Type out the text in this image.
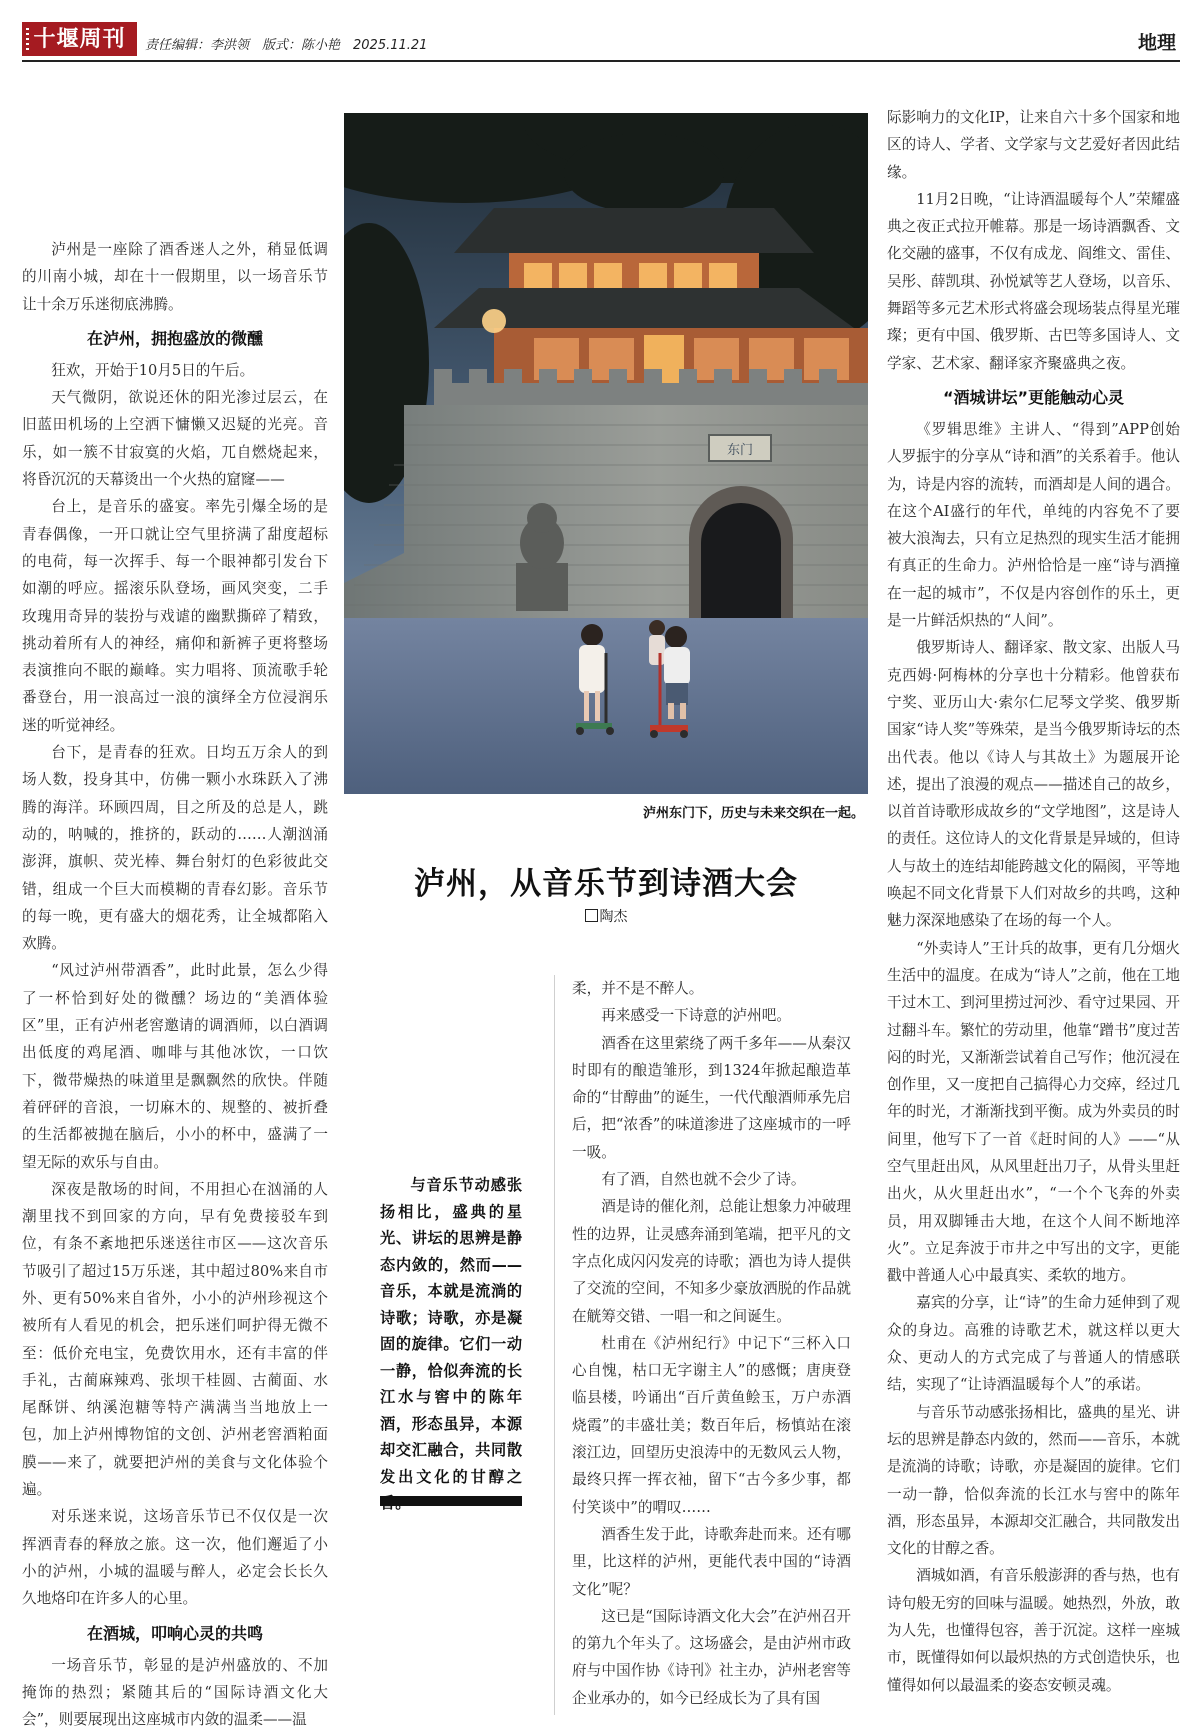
十堰周刊	责任编辑：李洪领　版式：陈小艳　2025.11.21	地理

泸州是一座除了酒香迷人之外，稍显低调的川南小城，却在十一假期里，以一场音乐节让十余万乐迷彻底沸腾。

在泸州，拥抱盛放的微醺

狂欢，开始于10月5日的午后。

天气微阴，欲说还休的阳光渗过层云，在旧蓝田机场的上空洒下慵懒又迟疑的光亮。音乐，如一簇不甘寂寞的火焰，兀自燃烧起来，将昏沉沉的天幕烫出一个火热的窟窿——

台上，是音乐的盛宴。率先引爆全场的是青春偶像，一开口就让空气里挤满了甜度超标的电荷，每一次挥手、每一个眼神都引发台下如潮的呼应。摇滚乐队登场，画风突变，二手玫瑰用奇异的装扮与戏谑的幽默撕碎了精致，挑动着所有人的神经，痛仰和新裤子更将整场表演推向不眠的巅峰。实力唱将、顶流歌手轮番登台，用一浪高过一浪的演绎全方位浸润乐迷的听觉神经。

台下，是青春的狂欢。日均五万余人的到场人数，投身其中，仿佛一颗小水珠跃入了沸腾的海洋。环顾四周，目之所及的总是人，跳动的，呐喊的，推挤的，跃动的……人潮汹涌澎湃，旗帜、荧光棒、舞台射灯的色彩彼此交错，组成一个巨大而模糊的青春幻影。音乐节的每一晚，更有盛大的烟花秀，让全城都陷入欢腾。

“风过泸州带酒香”，此时此景，怎么少得了一杯恰到好处的微醺？场边的“美酒体验区”里，正有泸州老窖邀请的调酒师，以白酒调出低度的鸡尾酒、咖啡与其他冰饮，一口饮下，微带燥热的味道里是飘飘然的欣快。伴随着砰砰的音浪，一切麻木的、规整的、被折叠的生活都被抛在脑后，小小的杯中，盛满了一望无际的欢乐与自由。

深夜是散场的时间，不用担心在汹涌的人潮里找不到回家的方向，早有免费接驳车到位，有条不紊地把乐迷送往市区——这次音乐节吸引了超过15万乐迷，其中超过80%来自市外、更有50%来自省外，小小的泸州珍视这个被所有人看见的机会，把乐迷们呵护得无微不至：低价充电宝，免费饮用水，还有丰富的伴手礼，古蔺麻辣鸡、张坝干桂圆、古蔺面、水尾酥饼、纳溪泡糖等特产满满当当地放上一包，加上泸州博物馆的文创、泸州老窖酒粕面膜——来了，就要把泸州的美食与文化体验个遍。

对乐迷来说，这场音乐节已不仅仅是一次挥洒青春的释放之旅。这一次，他们邂逅了小小的泸州，小城的温暖与醉人，必定会长长久久地烙印在许多人的心里。

在酒城，叩响心灵的共鸣

一场音乐节，彰显的是泸州盛放的、不加掩饰的热烈；紧随其后的“国际诗酒文化大会”，则要展现出这座城市内敛的温柔——温

际影响力的文化IP，让来自六十多个国家和地区的诗人、学者、文学家与文艺爱好者因此结缘。

11月2日晚，“让诗酒温暖每个人”荣耀盛典之夜正式拉开帷幕。那是一场诗酒飘香、文化交融的盛事，不仅有成龙、阎维文、雷佳、吴彤、薛凯琪、孙悦斌等艺人登场，以音乐、舞蹈等多元艺术形式将盛会现场装点得星光璀璨；更有中国、俄罗斯、古巴等多国诗人、文学家、艺术家、翻译家齐聚盛典之夜。

“酒城讲坛”更能触动心灵

《罗辑思维》主讲人、“得到”APP创始人罗振宇的分享从“诗和酒”的关系着手。他认为，诗是内容的流转，而酒却是人间的遇合。在这个AI盛行的年代，单纯的内容免不了要被大浪淘去，只有立足热烈的现实生活才能拥有真正的生命力。泸州恰恰是一座“诗与酒撞在一起的城市”，不仅是内容创作的乐土，更是一片鲜活炽热的“人间”。

俄罗斯诗人、翻译家、散文家、出版人马克西姆·阿梅林的分享也十分精彩。他曾获布宁奖、亚历山大·索尔仁尼琴文学奖、俄罗斯国家“诗人奖”等殊荣，是当今俄罗斯诗坛的杰出代表。他以《诗人与其故土》为题展开论述，提出了浪漫的观点——描述自己的故乡，以首首诗歌形成故乡的“文学地图”，这是诗人的责任。这位诗人的文化背景是异域的，但诗人与故土的连结却能跨越文化的隔阂，平等地唤起不同文化背景下人们对故乡的共鸣，这种魅力深深地感染了在场的每一个人。

“外卖诗人”王计兵的故事，更有几分烟火生活中的温度。在成为“诗人”之前，他在工地干过木工、到河里捞过河沙、看守过果园、开过翻斗车。繁忙的劳动里，他靠“蹭书”度过苦闷的时光，又渐渐尝试着自己写作；他沉浸在创作里，又一度把自己搞得心力交瘁，经过几年的时光，才渐渐找到平衡。成为外卖员的时间里，他写下了一首《赶时间的人》——“从空气里赶出风，从风里赶出刀子，从骨头里赶出火，从火里赶出水”，“一个个飞奔的外卖员，用双脚锤击大地，在这个人间不断地淬火”。立足奔波于市井之中写出的文字，更能戳中普通人心中最真实、柔软的地方。

嘉宾的分享，让“诗”的生命力延伸到了观众的身边。高雅的诗歌艺术，就这样以更大众、更动人的方式完成了与普通人的情感联结，实现了“让诗酒温暖每个人”的承诺。

与音乐节动感张扬相比，盛典的星光、讲坛的思辨是静态内敛的，然而——音乐，本就是流淌的诗歌；诗歌，亦是凝固的旋律。它们一动一静，恰似奔流的长江水与窖中的陈年酒，形态虽异，本源却交汇融合，共同散发出文化的甘醇之香。

酒城如酒，有音乐般澎湃的香与热，也有诗句般无穷的回味与温暖。她热烈，外放，敢为人先，也懂得包容，善于沉淀。这样一座城市，既懂得如何以最炽热的方式创造快乐，也懂得如何以最温柔的姿态安顿灵魂。

柔，并不是不醉人。

再来感受一下诗意的泸州吧。

酒香在这里萦绕了两千多年——从秦汉时即有的酿造雏形，到1324年掀起酿造革命的“甘醇曲”的诞生，一代代酿酒师承先启后，把“浓香”的味道渗进了这座城市的一呼一吸。

有了酒，自然也就不会少了诗。

酒是诗的催化剂，总能让想象力冲破理性的边界，让灵感奔涌到笔端，把平凡的文字点化成闪闪发亮的诗歌；酒也为诗人提供了交流的空间，不知多少豪放洒脱的作品就在觥筹交错、一唱一和之间诞生。

杜甫在《泸州纪行》中记下“三杯入口心自愧，枯口无字谢主人”的感慨；唐庚登临县楼，吟诵出“百斤黄鱼鲙玉，万户赤酒烧霞”的丰盛壮美；数百年后，杨慎站在滚滚江边，回望历史浪涛中的无数风云人物，最终只挥一挥衣袖，留下“古今多少事，都付笑谈中”的喟叹……

酒香生发于此，诗歌奔赴而来。还有哪里，比这样的泸州，更能代表中国的“诗酒文化”呢？

这已是“国际诗酒文化大会”在泸州召开的第九个年头了。这场盛会，是由泸州市政府与中国作协《诗刊》社主办，泸州老窖等企业承办的，如今已经成长为了具有国

东门
泸州东门下，历史与未来交织在一起。
泸州，从音乐节到诗酒大会
陶杰

与音乐节动感张扬相比，盛典的星光、讲坛的思辨是静态内敛的，然而——音乐，本就是流淌的诗歌；诗歌，亦是凝固的旋律。它们一动一静，恰似奔流的长江水与窖中的陈年酒，形态虽异，本源却交汇融合，共同散发出文化的甘醇之
